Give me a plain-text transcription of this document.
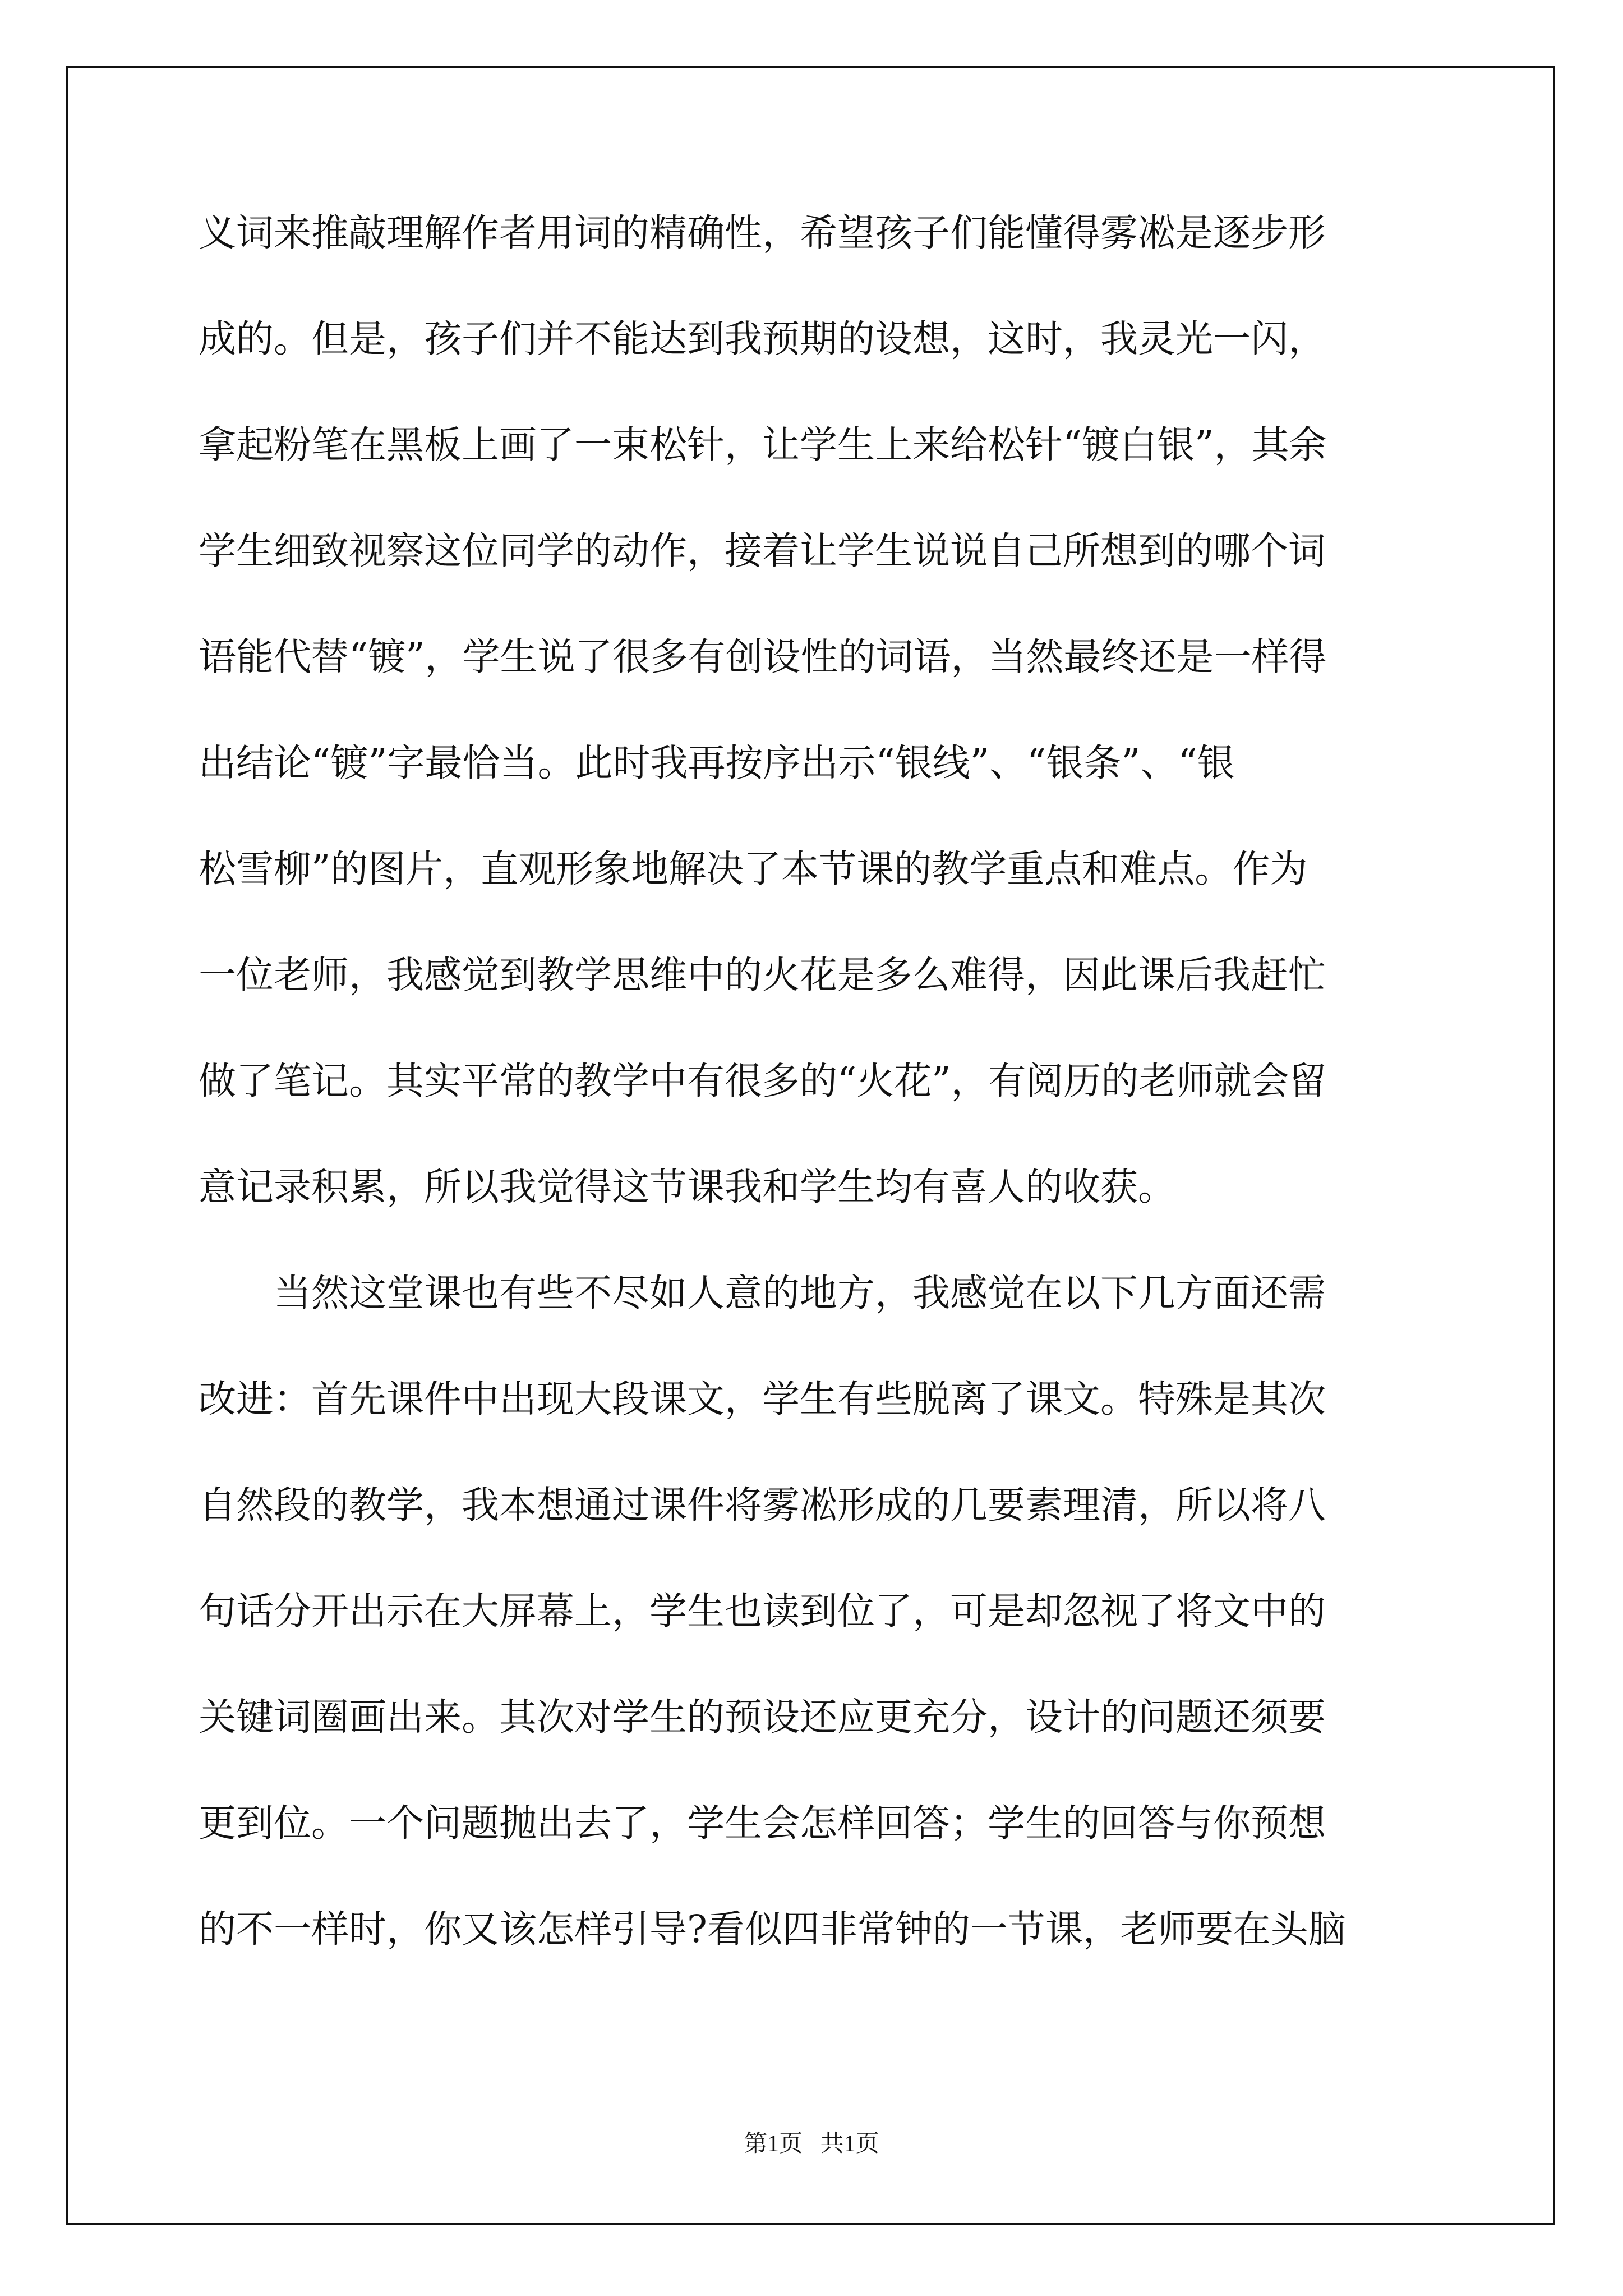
义词来推敲理解作者用词的精确性，希望孩子们能懂得雾凇是逐步形

成的。但是，孩子们并不能达到我预期的设想，这时，我灵光一闪，

拿起粉笔在黑板上画了一束松针，让学生上来给松针“镀白银”，其余

学生细致视察这位同学的动作，接着让学生说说自己所想到的哪个词

语能代替“镀”，学生说了很多有创设性的词语，当然最终还是一样得

出结论“镀”字最恰当。此时我再按序出示“银线”、“银条”、“银

松雪柳”的图片，直观形象地解决了本节课的教学重点和难点。作为

一位老师，我感觉到教学思维中的火花是多么难得，因此课后我赶忙

做了笔记。其实平常的教学中有很多的“火花”，有阅历的老师就会留

意记录积累，所以我觉得这节课我和学生均有喜人的收获。

当然这堂课也有些不尽如人意的地方，我感觉在以下几方面还需

改进：首先课件中出现大段课文，学生有些脱离了课文。特殊是其次

自然段的教学，我本想通过课件将雾凇形成的几要素理清，所以将八

句话分开出示在大屏幕上，学生也读到位了，可是却忽视了将文中的

关键词圈画出来。其次对学生的预设还应更充分，设计的问题还须要

更到位。一个问题抛出去了，学生会怎样回答；学生的回答与你预想

的不一样时，你又该怎样引导?看似四非常钟的一节课，老师要在头脑

第1页   共1页
